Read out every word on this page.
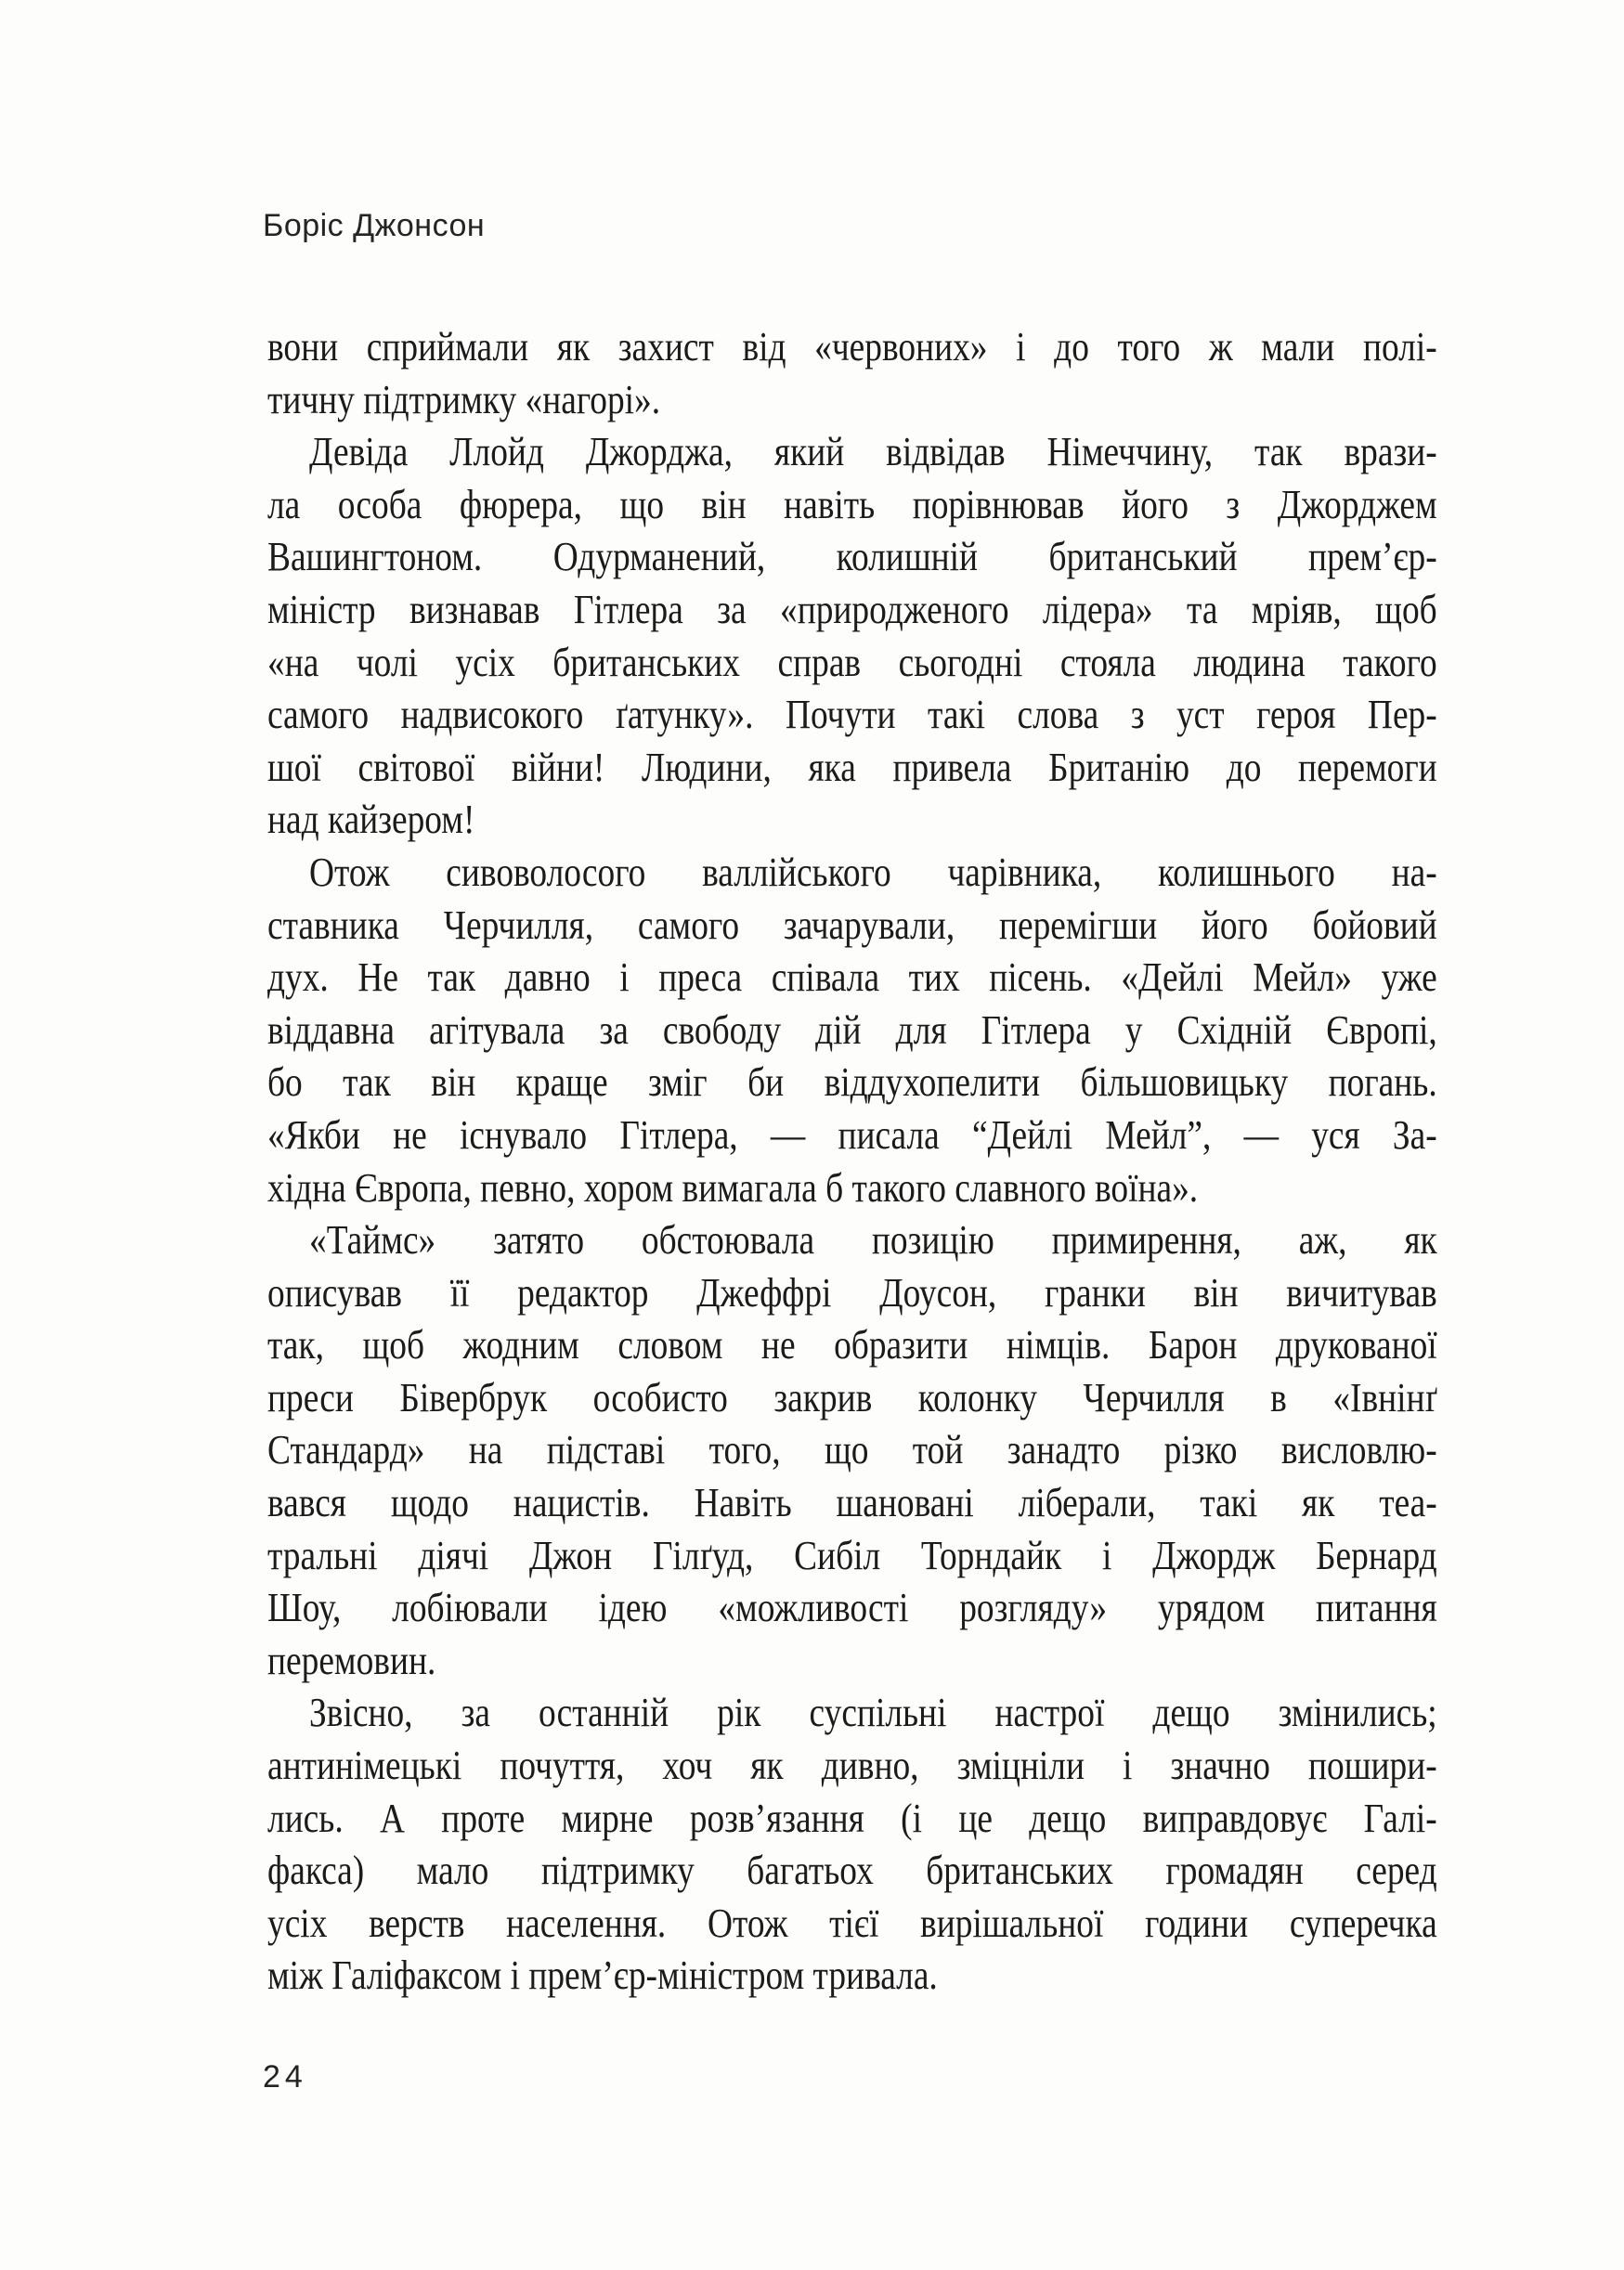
Боріс Джонсон

вони сприймали як захист від «червоних» і до того ж мали полі-
тичну підтримку «нагорі».

Девіда Ллойд Джорджа, який відвідав Німеччину, так врази-
ла особа фюрера, що він навіть порівнював його з Джорджем
Вашингтоном. Одурманений, колишній британський прем’єр-
міністр визнавав Гітлера за «природженого лідера» та мріяв, щоб
«на чолі усіх британських справ сьогодні стояла людина такого
самого надвисокого ґатунку». Почути такі слова з уст героя Пер-
шої світової війни! Людини, яка привела Британію до перемоги
над кайзером!

Отож сивоволосого валлійського чарівника, колишнього на-
ставника Черчилля, самого зачарували, перемігши його бойовий
дух. Не так давно і преса співала тих пісень. «Дейлі Мейл» уже
віддавна агітувала за свободу дій для Гітлера у Східній Європі,
бо так він краще зміг би віддухопелити більшовицьку погань.
«Якби не існувало Гітлера, — писала “Дейлі Мейл”, — уся За-
хідна Європа, певно, хором вимагала б такого славного воїна».

«Таймс» затято обстоювала позицію примирення, аж, як
описував її редактор Джеффрі Доусон, гранки він вичитував
так, щоб жодним словом не образити німців. Барон друкованої
преси Бівербрук особисто закрив колонку Черчилля в «Івнінґ
Стандард» на підставі того, що той занадто різко висловлю-
вався щодо нацистів. Навіть шановані ліберали, такі як теа-
тральні діячі Джон Гілґуд, Сибіл Торндайк і Джордж Бернард
Шоу, лобіювали ідею «можливості розгляду» урядом питання
перемовин.

Звісно, за останній рік суспільні настрої дещо змінились;
антинімецькі почуття, хоч як дивно, зміцніли і значно пошири-
лись. А проте мирне розв’язання (і це дещо виправдовує Галі-
факса) мало підтримку багатьох британських громадян серед
усіх верств населення. Отож тієї вирішальної години суперечка
між Галіфаксом і прем’єр-міністром тривала.

24
